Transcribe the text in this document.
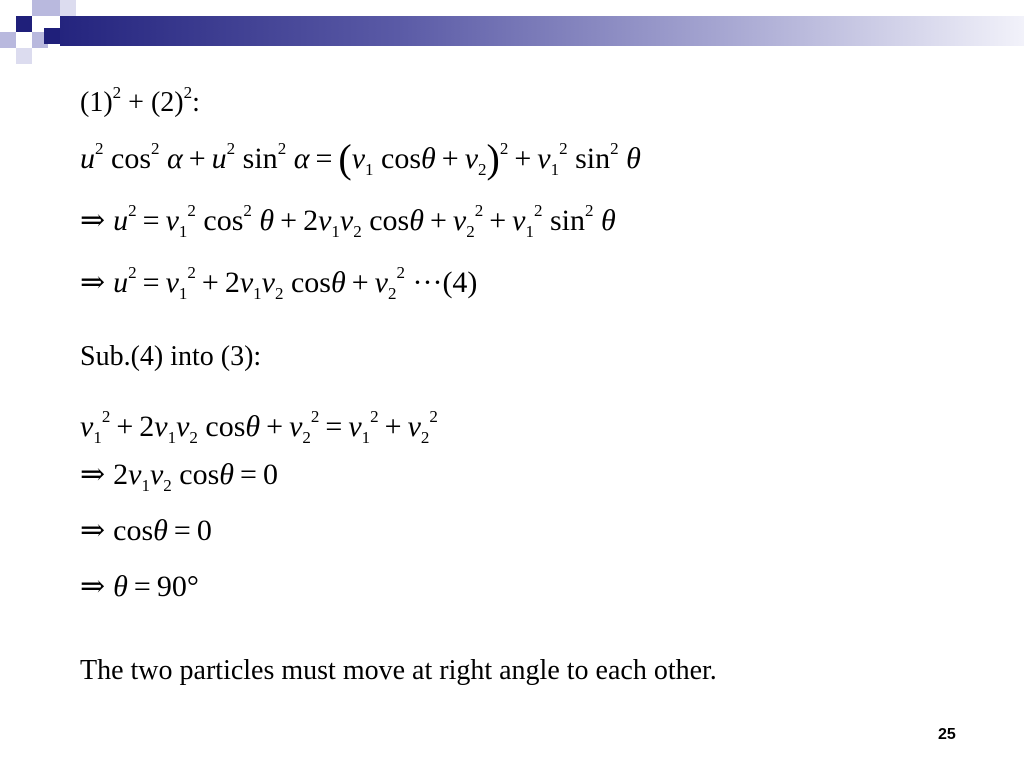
$(1)^2 + (2)^2$:
$u^2$ $\cos^2 \alpha + u^2$ $\sin^2 \alpha = (v_1$ $\cos\theta + v_2)^2 + v_1^2$ $\sin^2 \theta$
⇒ $u^2 = v_1^2$ $\cos^2 \theta + 2v_1v_2$ $\cos\theta + v_2^2 + v_1^2$ $\sin^2 \theta$
⇒ $u^2 = v_1^2 + 2v_1v_2$ $\cos\theta + v_2^2 \cdot\cdot\cdot(4)$
Sub.(4) into (3):
$v_1^2 + 2v_1v_2$ $\cos\theta + v_2^2 = v_1^2 + v_2^2$
⇒ $2v_1v_2$ cosθ = 0
⇒ cosθ = 0
⇒ θ = 90°
The two particles must move at right angle to each other.
25
